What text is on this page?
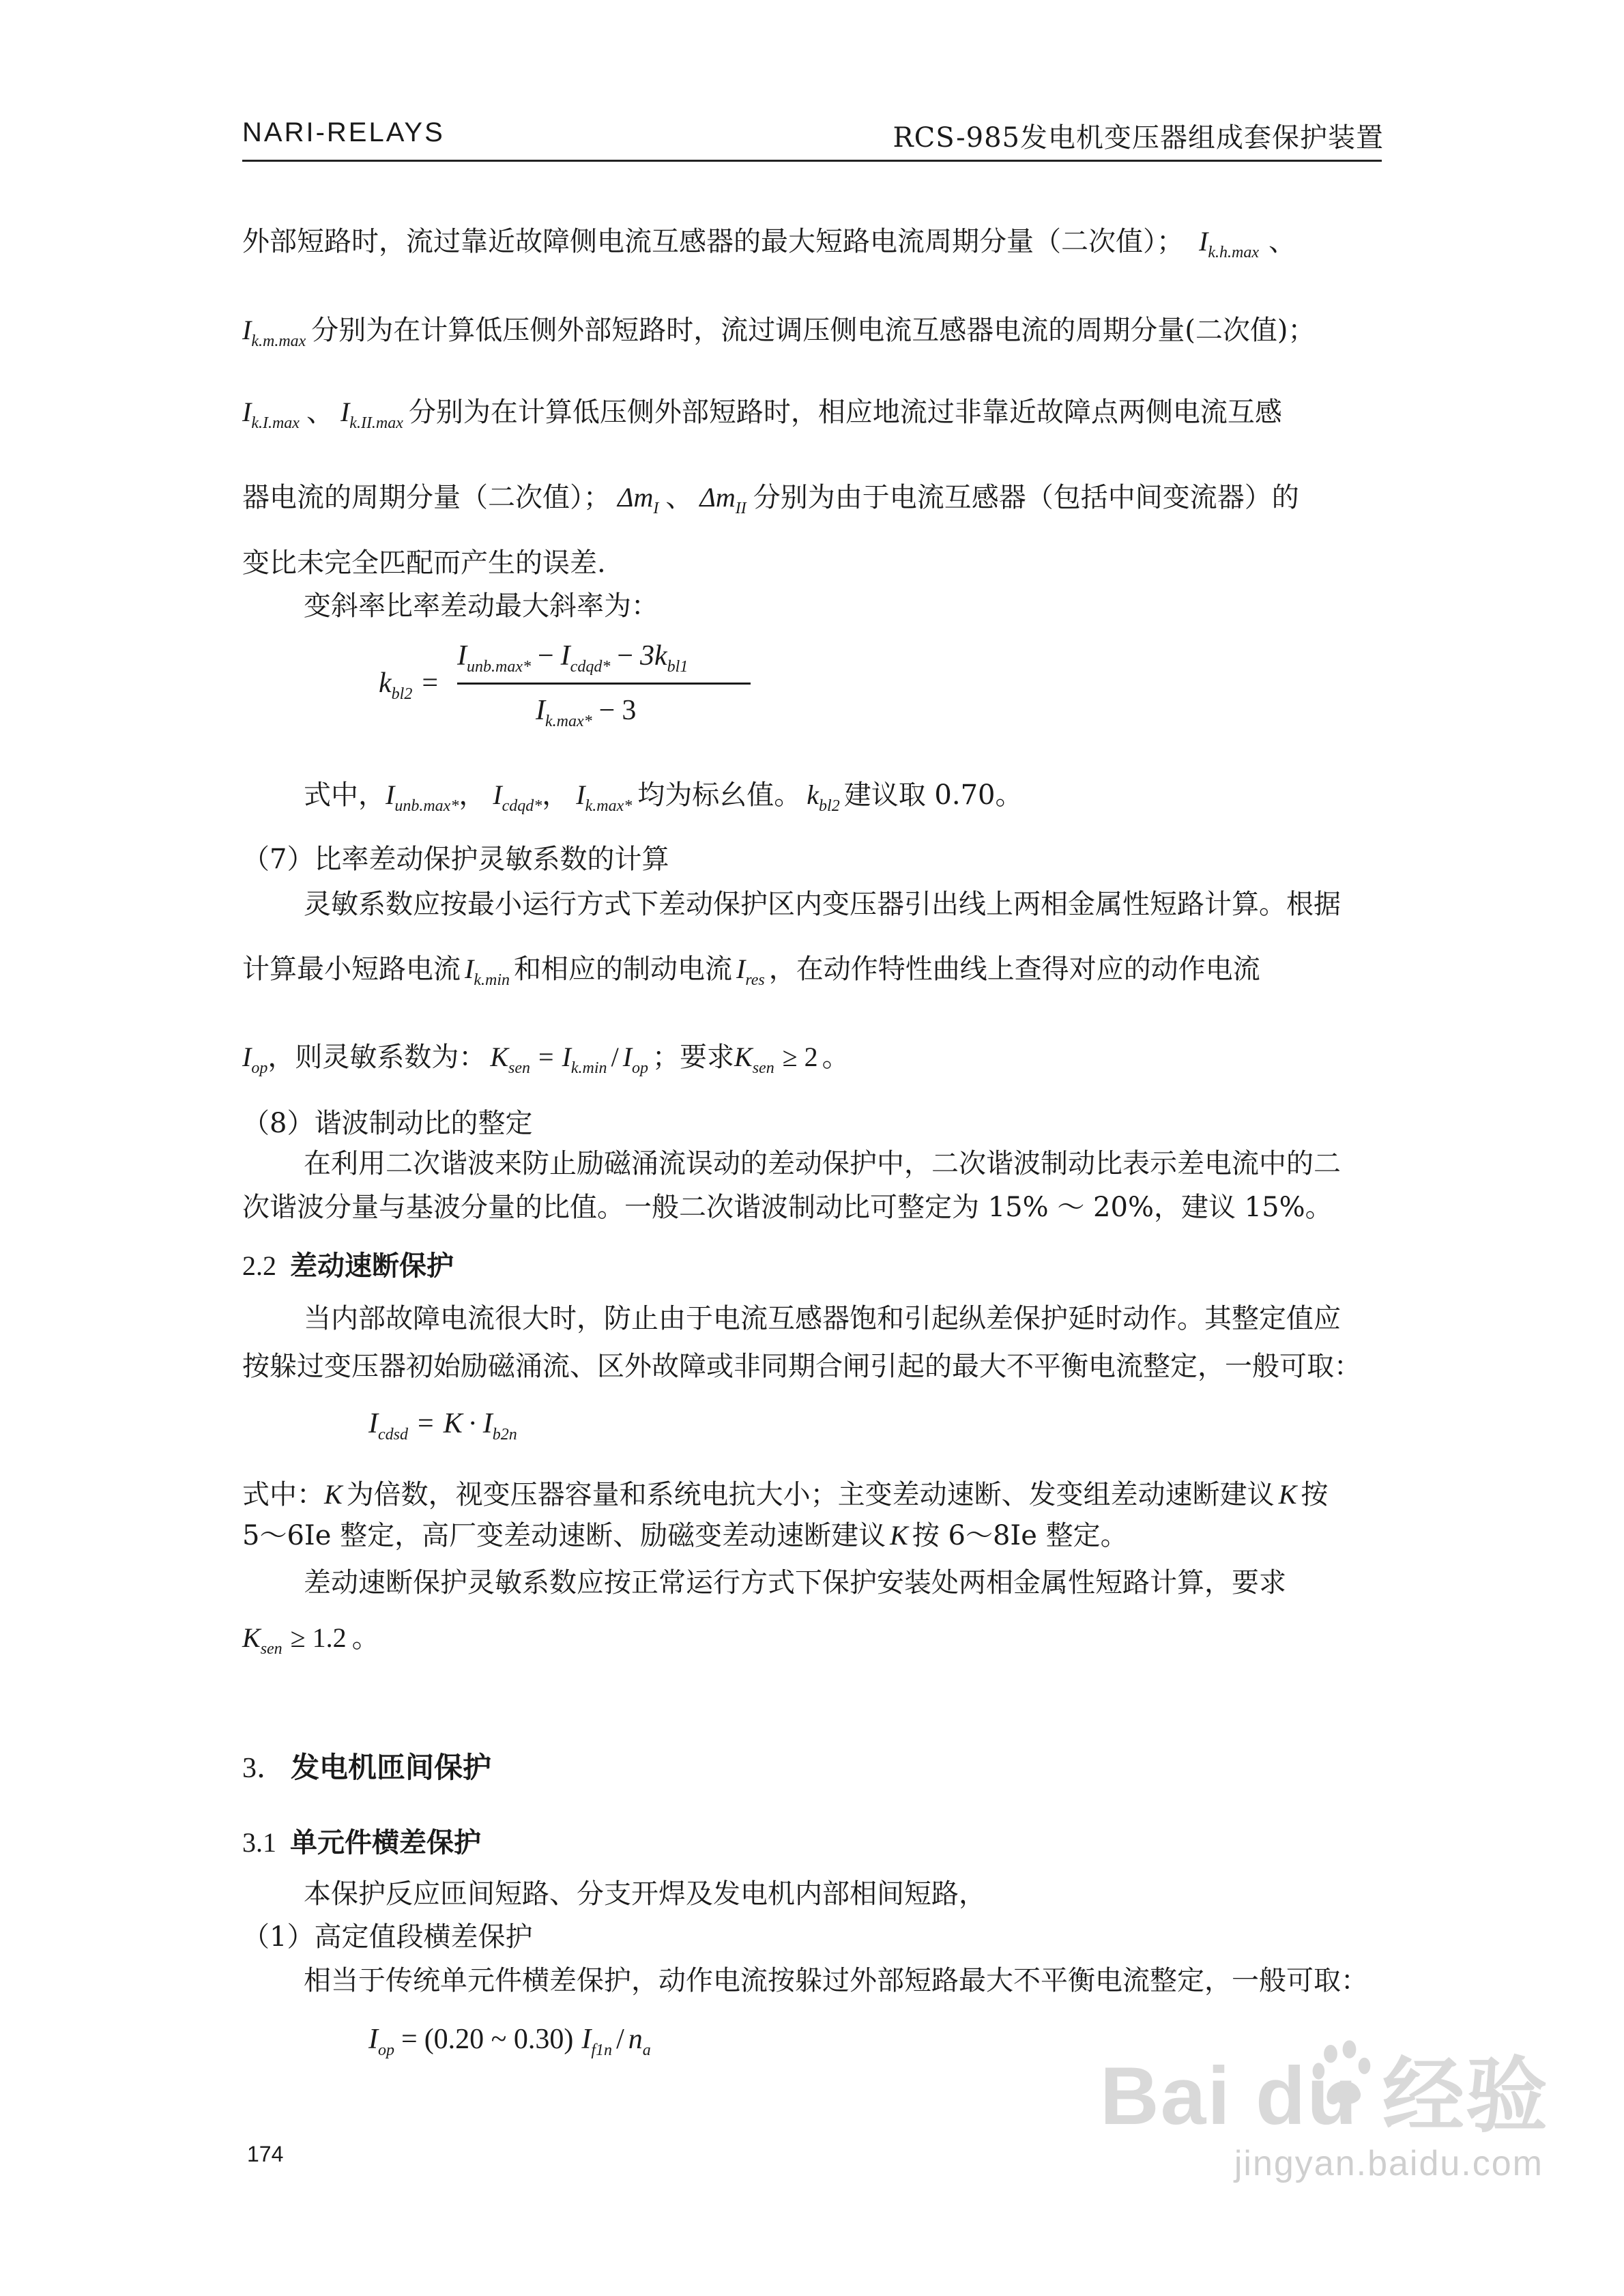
NARI-RELAYS	RCS-985发电机变压器组成套保护装置
外部短路时，流过靠近故障侧电流互感器的最大短路电流周期分量（二次值）； $I_{k.h.max}$ 、
$I_{k.m.max}$ 分别为在计算低压侧外部短路时，流过调压侧电流互感器电流的周期分量(二次值)；
$I_{k.I.max}$ 、 $I_{k.II.max}$ 分别为在计算低压侧外部短路时，相应地流过非靠近故障点两侧电流互感
器电流的周期分量（二次值）； $\Delta m_I$ 、 $\Delta m_{II}$ 分别为由于电流互感器（包括中间变流器）的
变比未完全匹配而产生的误差.
变斜率比率差动最大斜率为：
$k_{bl2}$ =
$I_{unb.max*} - I_{cdqd*} - 3k_{bl1}$
$I_{k.max*} - 3$
式中，$I_{unb.max*}$， $I_{cdqd*}$， $I_{k.max*}$ 均为标幺值。 $k_{bl2}$ 建议取 0.70。
（7）比率差动保护灵敏系数的计算
灵敏系数应按最小运行方式下差动保护区内变压器引出线上两相金属性短路计算。根据
计算最小短路电流 $I_{k.min}$ 和相应的制动电流 $I_{res}$ ，在动作特性曲线上查得对应的动作电流
$I_{op}$，则灵敏系数为： $K_{sen} = I_{k.min} / I_{op}$ ；要求$K_{sen} \ge 2$ 。
（8）谐波制动比的整定
在利用二次谐波来防止励磁涌流误动的差动保护中，二次谐波制动比表示差电流中的二
次谐波分量与基波分量的比值。一般二次谐波制动比可整定为 15% ～ 20%，建议 15%。
2.2 差动速断保护
当内部故障电流很大时，防止由于电流互感器饱和引起纵差保护延时动作。其整定值应
按躲过变压器初始励磁涌流、区外故障或非同期合闸引起的最大不平衡电流整定，一般可取：
$I_{cdsd} = K \cdot I_{b2n}$
式中：K 为倍数，视变压器容量和系统电抗大小；主变差动速断、发变组差动速断建议 K 按
5～6Ie 整定，高厂变差动速断、励磁变差动速断建议 K 按 6～8Ie 整定。
差动速断保护灵敏系数应按正常运行方式下保护安装处两相金属性短路计算，要求
$K_{sen} \ge 1.2$ 。
3． 发电机匝间保护
3.1 单元件横差保护
本保护反应匝间短路、分支开焊及发电机内部相间短路，
（1）高定值段横差保护
相当于传统单元件横差保护，动作电流按躲过外部短路最大不平衡电流整定，一般可取：
$I_{op} = (0.20$ ~ 0.30) $I_{f1n} / n_a$
174
Bai du 经验
jingyan.baidu.com
